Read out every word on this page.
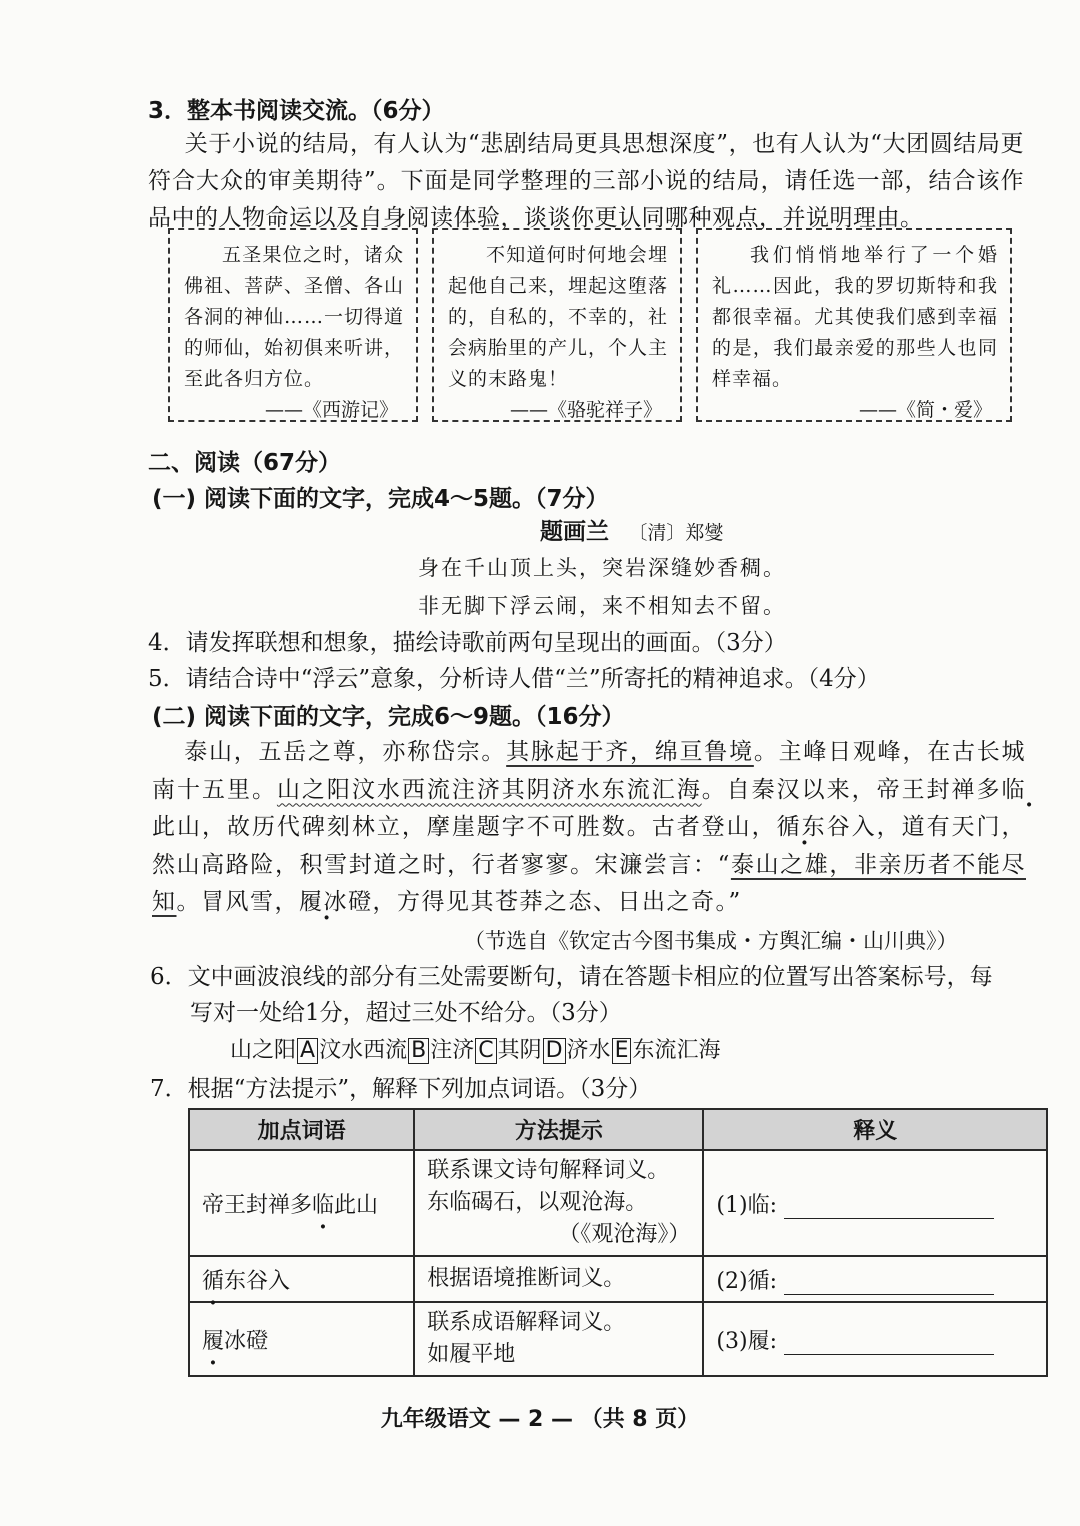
3．整本书阅读交流。（6分）
关于小说的结局，有人认为“悲剧结局更具思想深度”，也有人认为“大团圆结局更符合大众的审美期待”。下面是同学整理的三部小说的结局，请任选一部，结合该作品中的人物命运以及自身阅读体验，谈谈你更认同哪种观点，并说明理由。
五圣果位之时，诸众佛祖、菩萨、圣僧、各山各洞的神仙……一切得道的师仙，始初俱来听讲，至此各归方位。
——《西游记》
不知道何时何地会埋起他自己来，埋起这堕落的，自私的，不幸的，社会病胎里的产儿，个人主义的末路鬼！
——《骆驼祥子》
我们悄悄地举行了一个婚礼……因此，我的罗切斯特和我都很幸福。尤其使我们感到幸福的是，我们最亲爱的那些人也同样幸福。
——《简・爱》
二、阅读（67分）
(一) 阅读下面的文字，完成4～5题。（7分）
题画兰 〔清〕郑燮
身在千山顶上头，突岩深缝妙香稠。
非无脚下浮云闹，来不相知去不留。
4．请发挥联想和想象，描绘诗歌前两句呈现出的画面。（3分）
5．请结合诗中“浮云”意象，分析诗人借“兰”所寄托的精神追求。（4分）
(二) 阅读下面的文字，完成6～9题。（16分）
泰山，五岳之尊，亦称岱宗。其脉起于齐，绵亘鲁境。主峰日观峰，在古长城南十五里。山之阳汶水西流注济其阴济水东流汇海。自秦汉以来，帝王封禅多临此山，故历代碑刻林立，摩崖题字不可胜数。古者登山，循东谷入，道有天门，然山高路险，积雪封道之时，行者寥寥。宋濂尝言：“泰山之雄，非亲历者不能尽知。冒风雪，履冰磴，方得见其苍莽之态、日出之奇。”
（节选自《钦定古今图书集成・方舆汇编・山川典》）
6．文中画波浪线的部分有三处需要断句，请在答题卡相应的位置写出答案标号，每
写对一处给1分，超过三处不给分。（3分）
山之阳 A 汶水西流 B 注济 C 其阴 D 济水 E 东流汇海
7．根据“方法提示”，解释下列加点词语。（3分）
加点词语	方法提示	释义
帝王封禅多临此山	联系课文诗句解释词义。
东临碣石，以观沧海。
（《观沧海》）	(1)临:
循东谷入	根据语境推断词义。	(2)循:
履冰磴	联系成语解释词义。
如履平地	(3)履:
九年级语文 — 2 — （共 8 页）
